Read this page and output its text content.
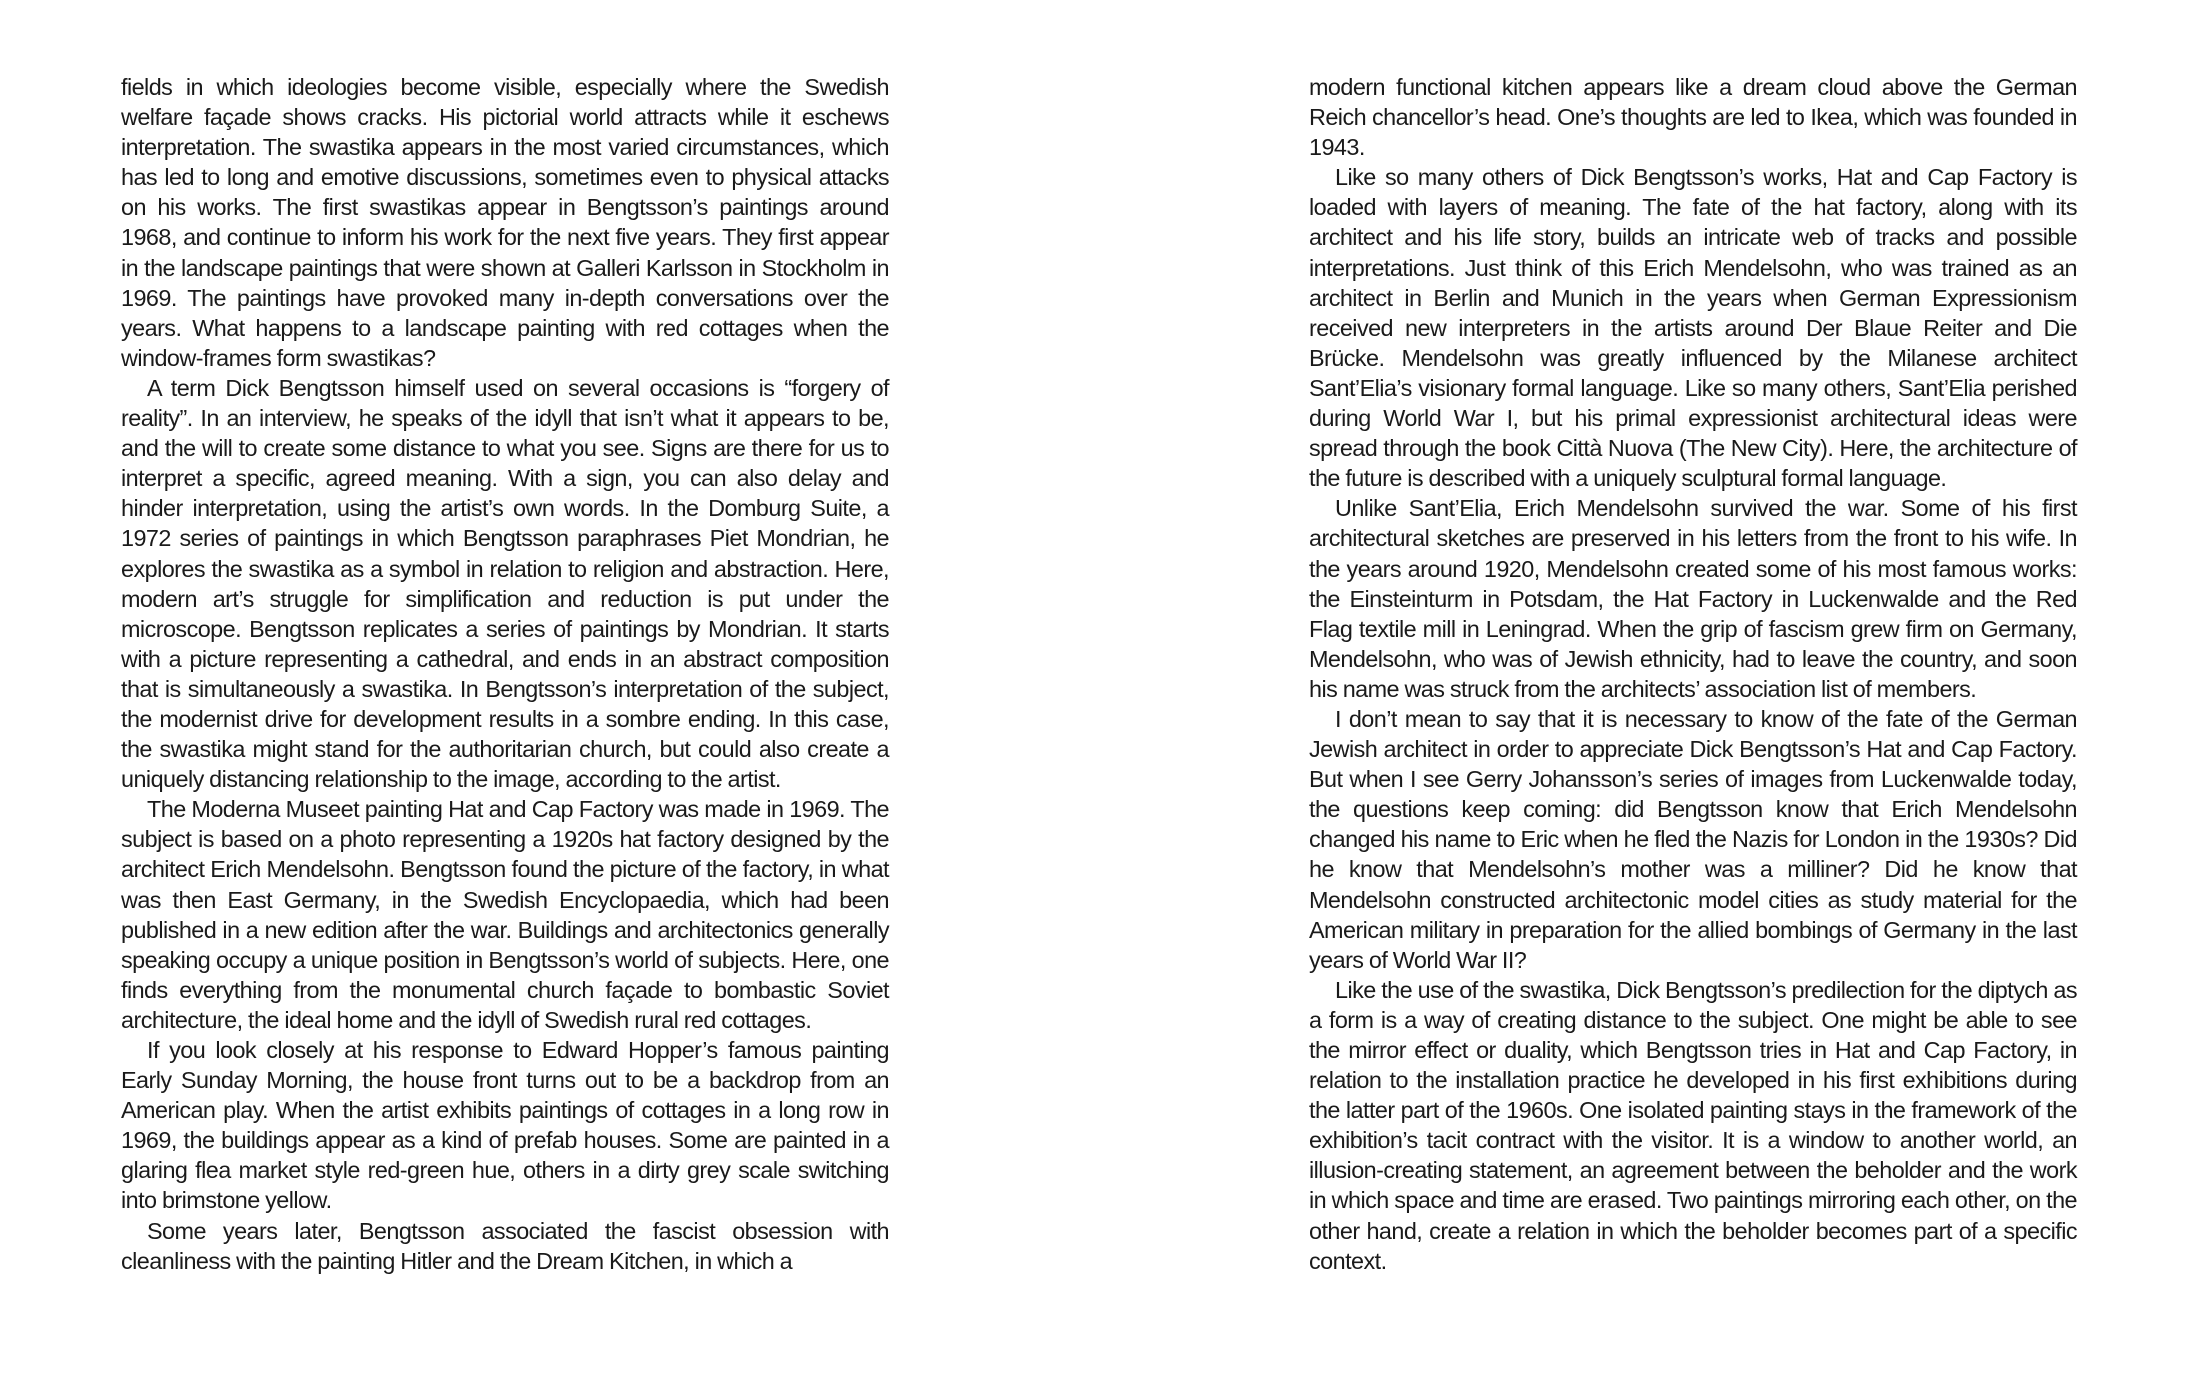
fields in which ideologies become visible, especially where the Swedish welfare façade shows cracks. His pictorial world attracts while it eschews interpretation. The swastika appears in the most varied circumstances, which has led to long and emotive discussions, sometimes even to physical attacks on his works. The first swastikas appear in Bengtsson’s paintings around 1968, and continue to inform his work for the next five years. They first appear in the landscape paintings that were shown at Galleri Karlsson in Stockholm in 1969. The paintings have provoked many in-depth conversations over the years. What happens to a landscape painting with red cottages when the window-frames form swastikas?

A term Dick Bengtsson himself used on several occasions is “forgery of reality”. In an interview, he speaks of the idyll that isn’t what it appears to be, and the will to create some distance to what you see. Signs are there for us to interpret a specific, agreed meaning. With a sign, you can also delay and hinder interpretation, using the artist’s own words. In the Domburg Suite, a 1972 series of paintings in which Bengtsson paraphrases Piet Mondrian, he explores the swastika as a symbol in relation to religion and abstraction. Here, modern art’s struggle for simplification and reduction is put under the microscope. Bengtsson replicates a series of paintings by Mondrian. It starts with a picture representing a cathedral, and ends in an abstract composition that is simultaneously a swastika. In Bengtsson’s interpretation of the subject, the modernist drive for development results in a sombre ending. In this case, the swastika might stand for the authoritarian church, but could also create a uniquely distancing relationship to the image, according to the artist.

The Moderna Museet painting Hat and Cap Factory was made in 1969. The subject is based on a photo representing a 1920s hat factory designed by the architect Erich Mendelsohn. Bengtsson found the picture of the factory, in what was then East Germany, in the Swedish Encyclopaedia, which had been published in a new edition after the war. Buildings and architectonics generally speaking occupy a unique position in Bengtsson’s world of subjects. Here, one finds everything from the monumental church façade to bombastic Soviet architecture, the ideal home and the idyll of Swedish rural red cottages.

If you look closely at his response to Edward Hopper’s famous painting Early Sunday Morning, the house front turns out to be a backdrop from an American play. When the artist exhibits paintings of cottages in a long row in 1969, the buildings appear as a kind of prefab houses. Some are painted in a glaring flea market style red-green hue, others in a dirty grey scale switching into brimstone yellow.

Some years later, Bengtsson associated the fascist obsession with cleanliness with the painting Hitler and the Dream Kitchen, in which a

modern functional kitchen appears like a dream cloud above the German Reich chancellor’s head. One’s thoughts are led to Ikea, which was founded in 1943.

Like so many others of Dick Bengtsson’s works, Hat and Cap Factory is loaded with layers of meaning. The fate of the hat factory, along with its architect and his life story, builds an intricate web of tracks and possible interpretations. Just think of this Erich Mendelsohn, who was trained as an architect in Berlin and Munich in the years when German Expressionism received new interpreters in the artists around Der Blaue Reiter and Die Brücke. Mendelsohn was greatly influenced by the Milanese architect Sant’Elia’s visionary formal language. Like so many others, Sant’Elia perished during World War I, but his primal expressionist architectural ideas were spread through the book Città Nuova (The New City). Here, the architecture of the future is described with a uniquely sculptural formal language.

Unlike Sant’Elia, Erich Mendelsohn survived the war. Some of his first architectural sketches are preserved in his letters from the front to his wife. In the years around 1920, Mendelsohn created some of his most famous works: the Einsteinturm in Potsdam, the Hat Factory in Luckenwalde and the Red Flag textile mill in Leningrad. When the grip of fascism grew firm on Germany, Mendelsohn, who was of Jewish ethnicity, had to leave the country, and soon his name was struck from the architects’ association list of members.

I don’t mean to say that it is necessary to know of the fate of the German Jewish architect in order to appreciate Dick Bengtsson’s Hat and Cap Factory. But when I see Gerry Johansson’s series of images from Luckenwalde today, the questions keep coming: did Bengtsson know that Erich Mendelsohn changed his name to Eric when he fled the Nazis for London in the 1930s? Did he know that Mendelsohn’s mother was a milliner? Did he know that Mendelsohn constructed architectonic model cities as study material for the American military in preparation for the allied bombings of Germany in the last years of World War II?

Like the use of the swastika, Dick Bengtsson’s predilection for the diptych as a form is a way of creating distance to the subject. One might be able to see the mirror effect or duality, which Bengtsson tries in Hat and Cap Factory, in relation to the installation practice he developed in his first exhibitions during the latter part of the 1960s. One isolated painting stays in the framework of the exhibition’s tacit contract with the visitor. It is a window to another world, an illusion-creating statement, an agreement between the beholder and the work in which space and time are erased. Two paintings mirroring each other, on the other hand, create a relation in which the beholder becomes part of a specific context.
